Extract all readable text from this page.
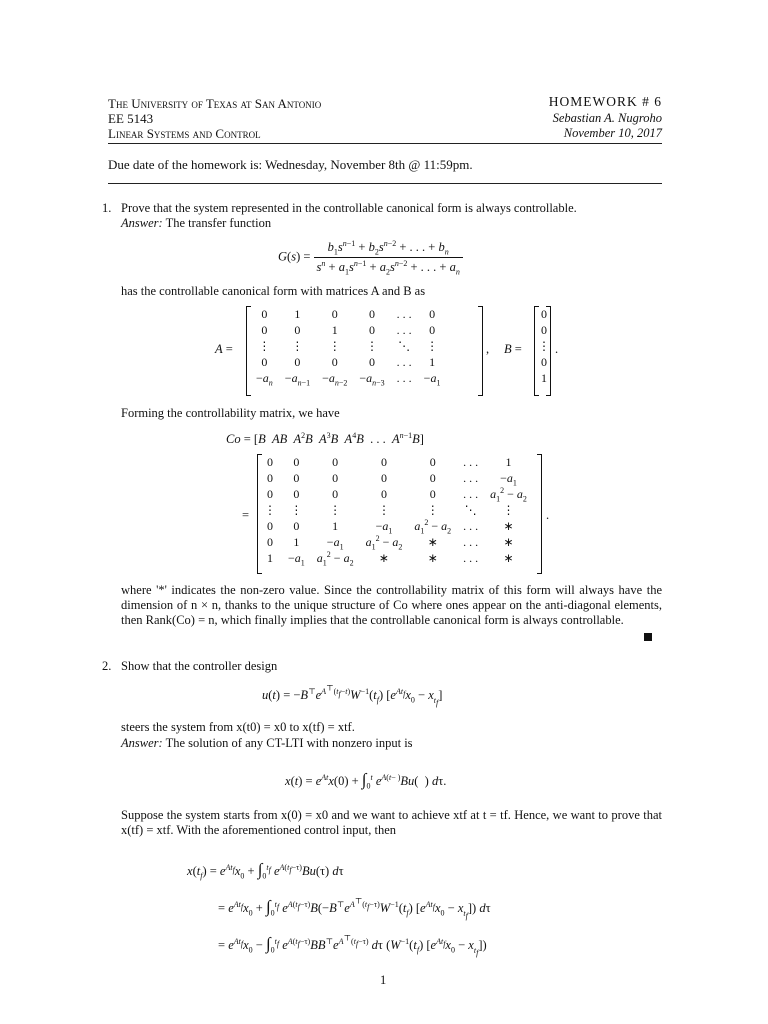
The University of Texas at San Antonio
EE 5143
Linear Systems and Control
HOMEWORK # 6
Sebastian A. Nugroho
November 10, 2017
Due date of the homework is: Wednesday, November 8th @ 11:59pm.
1. Prove that the system represented in the controllable canonical form is always controllable.
Answer: The transfer function
$G(s) = \frac{b_1s^{n-1} + b_2s^{n-2} + . . . + b_n}{s^n + a_1s^{n-1} + a_2s^{n-2} + . . . + a_n}$
has the controllable canonical form with matrices A and B as
A =
0	1	0	0	. . .	0
0	0	1	0	. . .	0
⋮	⋮	⋮	⋮	⋱	⋮
0	0	0	0	. . .	1
$-a_n$	$-a_{n-1}$	$-a_{n-2}$	$-a_{n-3}$	. . .	$-a_1$
, B =
0
0
⋮
0
1
.
Forming the controllability matrix, we have
Co = [B AB $A^2B$ $A^3B$ $A^4B$  . . .  $A^{n-1}B$]
=
0	0	0	0	0	. . .	1
0	0	0	0	0	. . .	$-a_1$
0	0	0	0	0	. . .	$a_1^2 - a_2$
⋮	⋮	⋮	⋮	⋮	⋱	⋮
0	0	1	$-a_1$	$a_1^2 - a_2$	. . .	∗
0	1	$-a_1$	$a_1^2 - a_2$	∗	. . .	∗
1	$-a_1$	$a_1^2 - a_2$	∗	∗	. . .	∗
.
where '*' indicates the non-zero value. Since the controllability matrix of this form will always have the dimension of n × n, thanks to the unique structure of Co where ones appear on the anti-diagonal elements, then Rank(Co) = n, which finally implies that the controllable canonical form is always controllable.
2. Show that the controller design
$u(t) = -B^⊤e^{A^⊤(t_f-t)}W^{-1}(t_f) [e^{At_f}x_0 - x_{t_f}]$
steers the system from x(t0) = x0 to x(tf) = xtf.
Answer: The solution of any CT-LTI with nonzero input is
$x(t) = e^{At}x(0) + \int_0^t$ $e^{A(t- )}Bu$(  ) dτ.
Suppose the system starts from x(0) = x0 and we want to achieve xtf at t = tf. Hence, we want to prove that x(tf) = xtf. With the aforementioned control input, then
$x(t_f) = e^{At_f}x_0 + \int_0^{t_f}$ $e^{A(t_f-\tau)}Bu(\tau)$ dτ
= $e^{At_f}x_0 + \int_0^{t_f}$ $e^{A(t_f-\tau)}B(-B^⊤e^{A^⊤(t_f-\tau)}W^{-1}(t_f) [e^{At_f}x_0 - x_{t_f}])$ dτ
= $e^{At_f}x_0 - \int_0^{t_f}$ $e^{A(t_f-\tau)}BB^⊤e^{A^⊤(t_f-\tau)}$ dτ $(W^{-1}(t_f) [e^{At_f}x_0 - x_{t_f}])$
1
